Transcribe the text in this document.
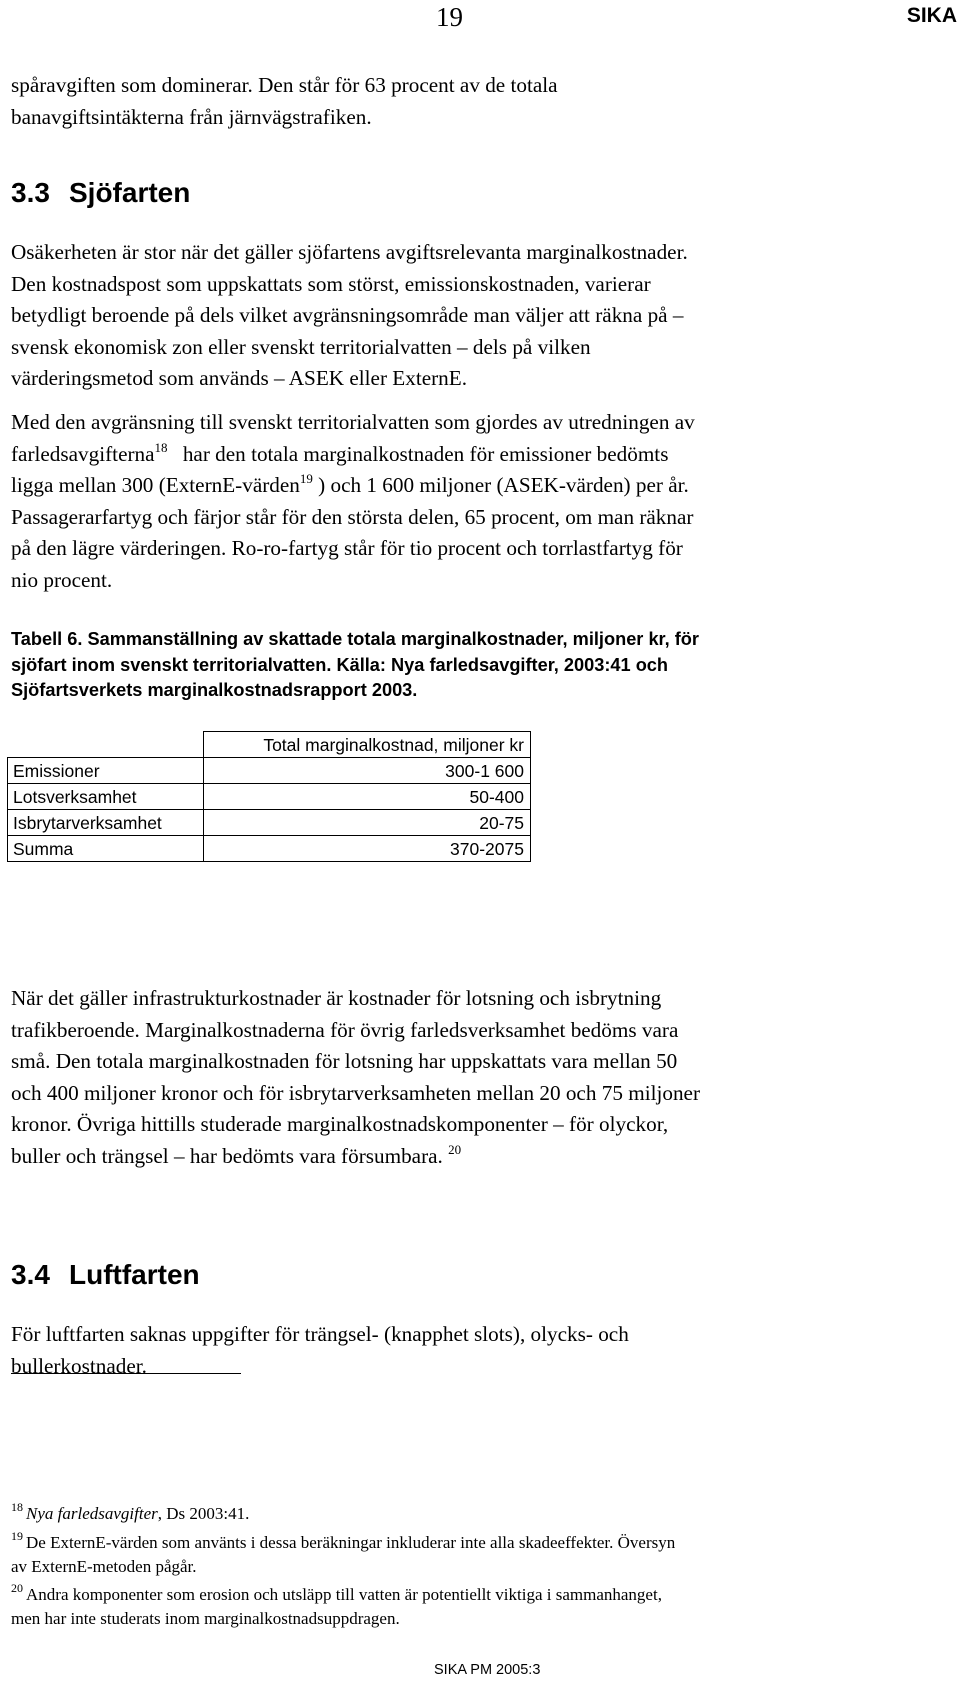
19	SIKA

spåravgiften som dominerar. Den står för 63 procent av de totala
banavgiftsintäkterna från järnvägstrafiken.

3.3 Sjöfarten

Osäkerheten är stor när det gäller sjöfartens avgiftsrelevanta marginalkostnader.
Den kostnadspost som uppskattats som störst, emissionskostnaden, varierar
betydligt beroende på dels vilket avgränsningsområde man väljer att räkna på –
svensk ekonomisk zon eller svenskt territorialvatten – dels på vilken
värderingsmetod som används – ASEK eller ExternE.

Med den avgränsning till svenskt territorialvatten som gjordes av utredningen av
farledsavgifterna$^{18}$ har den totala marginalkostnaden för emissioner bedömts
ligga mellan 300 (ExternE-värden$^{19}$ ) och 1 600 miljoner (ASEK-värden) per år.
Passagerarfartyg och färjor står för den största delen, 65 procent, om man räknar
på den lägre värderingen. Ro-ro-fartyg står för tio procent och torrlastfartyg för
nio procent.

Tabell 6. Sammanställning av skattade totala marginalkostnader, miljoner kr, för
sjöfart inom svenskt territorialvatten. Källa: Nya farledsavgifter, 2003:41 och
Sjöfartsverkets marginalkostnadsrapport 2003.

	Total marginalkostnad, miljoner kr
Emissioner	300-1 600
Lotsverksamhet	50-400
Isbrytarverksamhet	20-75
Summa	370-2075

När det gäller infrastrukturkostnader är kostnader för lotsning och isbrytning
trafikberoende. Marginalkostnaderna för övrig farledsverksamhet bedöms vara
små. Den totala marginalkostnaden för lotsning har uppskattats vara mellan 50
och 400 miljoner kronor och för isbrytarverksamheten mellan 20 och 75 miljoner
kronor. Övriga hittills studerade marginalkostnadskomponenter – för olyckor,
buller och trängsel – har bedömts vara försumbara. $^{20}$

3.4 Luftfarten

För luftfarten saknas uppgifter för trängsel- (knapphet slots), olycks- och
bullerkostnader.

$^{18}$ Nya farledsavgifter, Ds 2003:41.

$^{19}$ De ExternE-värden som använts i dessa beräkningar inkluderar inte alla skadeeffekter. Översyn
av ExternE-metoden pågår.

$^{20}$ Andra komponenter som erosion och utsläpp till vatten är potentiellt viktiga i sammanhanget,
men har inte studerats inom marginalkostnadsuppdragen.

SIKA PM 2005:3
